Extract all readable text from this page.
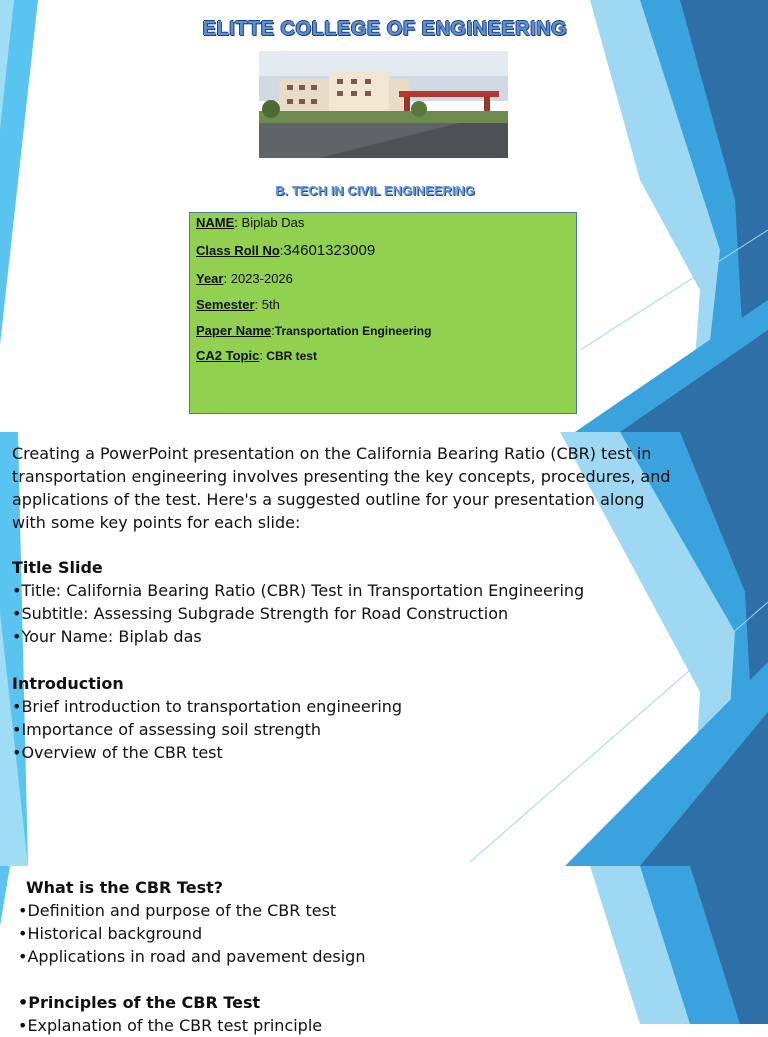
ELITTE COLLEGE OF ENGINEERING
B. TECH IN CIVIL ENGINEERING
NAME: Biplab Das
Class Roll No:34601323009
Year: 2023-2026
Semester: 5th
Paper Name:Transportation Engineering
CA2 Topic: CBR test

Creating a PowerPoint presentation on the California Bearing Ratio (CBR) test in

transportation engineering involves presenting the key concepts, procedures, and

applications of the test. Here's a suggested outline for your presentation along

with some key points for each slide:

Title Slide

•Title: California Bearing Ratio (CBR) Test in Transportation Engineering

•Subtitle: Assessing Subgrade Strength for Road Construction

•Your Name: Biplab das

Introduction

•Brief introduction to transportation engineering

•Importance of assessing soil strength

•Overview of the CBR test

What is the CBR Test?

•Definition and purpose of the CBR test

•Historical background

•Applications in road and pavement design

•Principles of the CBR Test

•Explanation of the CBR test principle
